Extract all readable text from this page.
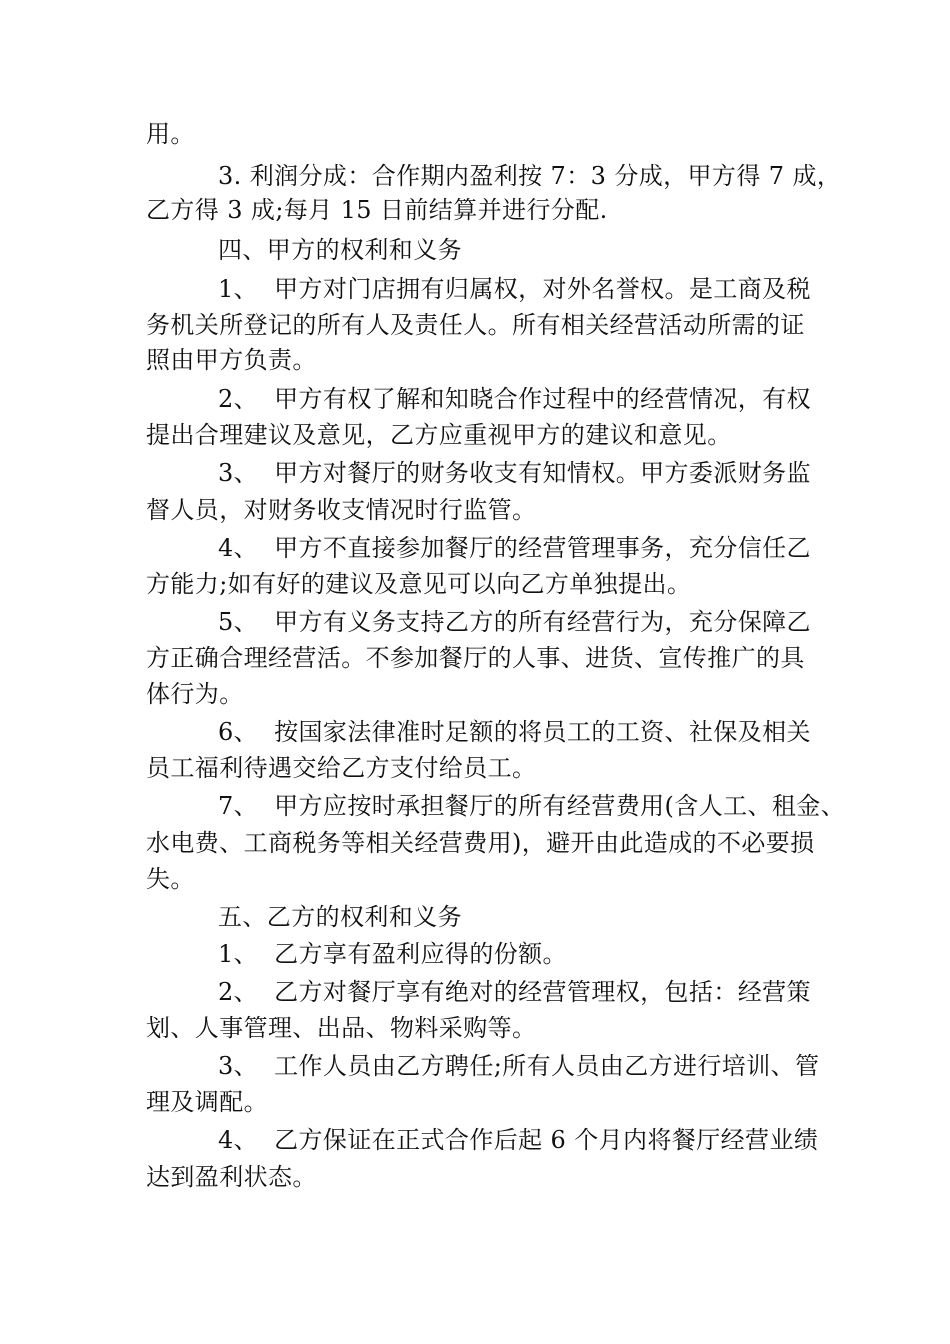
用。
3. 利润分成：合作期内盈利按 7：3 分成，甲方得 7 成，
乙方得 3 成;每月 15 日前结算并进行分配.
四、甲方的权利和义务
1、  甲方对门店拥有归属权，对外名誉权。是工商及税
务机关所登记的所有人及责任人。所有相关经营活动所需的证
照由甲方负责。
2、  甲方有权了解和知晓合作过程中的经营情况，有权
提出合理建议及意见，乙方应重视甲方的建议和意见。
3、  甲方对餐厅的财务收支有知情权。甲方委派财务监
督人员，对财务收支情况时行监管。
4、  甲方不直接参加餐厅的经营管理事务，充分信任乙
方能力;如有好的建议及意见可以向乙方单独提出。
5、  甲方有义务支持乙方的所有经营行为，充分保障乙
方正确合理经营活。不参加餐厅的人事、进货、宣传推广的具
体行为。
6、  按国家法律准时足额的将员工的工资、社保及相关
员工福利待遇交给乙方支付给员工。
7、  甲方应按时承担餐厅的所有经营费用(含人工、租金、
水电费、工商税务等相关经营费用)，避开由此造成的不必要损
失。
五、乙方的权利和义务
1、  乙方享有盈利应得的份额。
2、  乙方对餐厅享有绝对的经营管理权，包括：经营策
划、人事管理、出品、物料采购等。
3、  工作人员由乙方聘任;所有人员由乙方进行培训、管
理及调配。
4、  乙方保证在正式合作后起 6 个月内将餐厅经营业绩
达到盈利状态。
